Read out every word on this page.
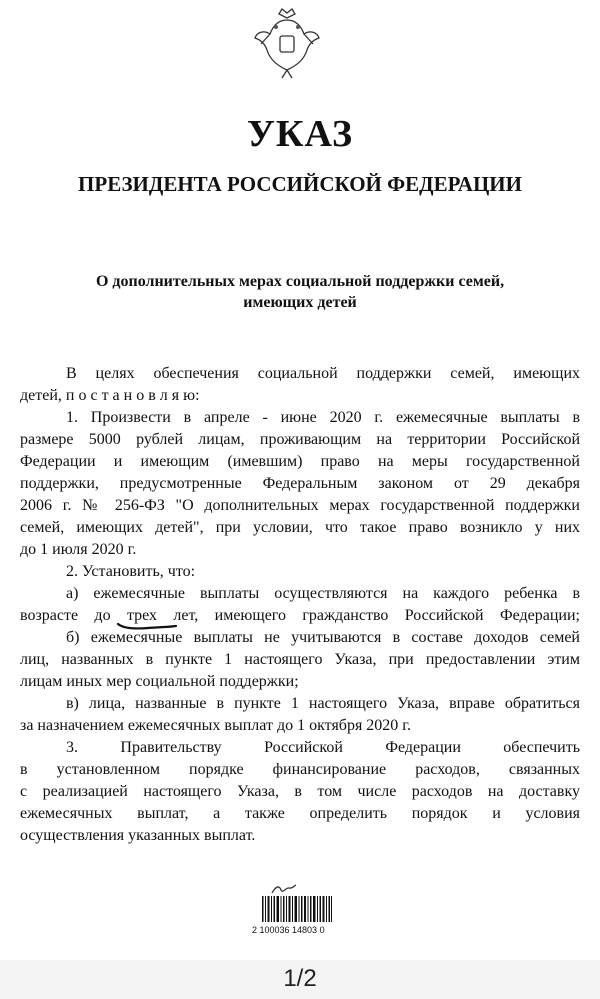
УКАЗ
ПРЕЗИДЕНТА РОССИЙСКОЙ ФЕДЕРАЦИИ
О дополнительных мерах социальной поддержки семей,
имеющих детей
В целях обеспечения социальной поддержки семей, имеющих
детей, п о с т а н о в л я ю:
1. Произвести в апреле - июне 2020 г. ежемесячные выплаты в
размере 5000 рублей лицам, проживающим на территории Российской
Федерации и имеющим (имевшим) право на меры государственной
поддержки, предусмотренные Федеральным законом от 29 декабря
2006 г. № 256-ФЗ "О дополнительных мерах государственной поддержки
семей, имеющих детей", при условии, что такое право возникло у них
до 1 июля 2020 г.
2. Установить, что:
а) ежемесячные выплаты осуществляются на каждого ребенка в
возрасте до трех лет, имеющего гражданство Российской Федерации;
б) ежемесячные выплаты не учитываются в составе доходов семей
лиц, названных в пункте 1 настоящего Указа, при предоставлении этим
лицам иных мер социальной поддержки;
в) лица, названные в пункте 1 настоящего Указа, вправе обратиться
за назначением ежемесячных выплат до 1 октября 2020 г.
3. Правительству Российской Федерации обеспечить
в установленном порядке финансирование расходов, связанных
с реализацией настоящего Указа, в том числе расходов на доставку
ежемесячных выплат, а также определить порядок и условия
осуществления указанных выплат.
2 100036 14803 0
1/2
